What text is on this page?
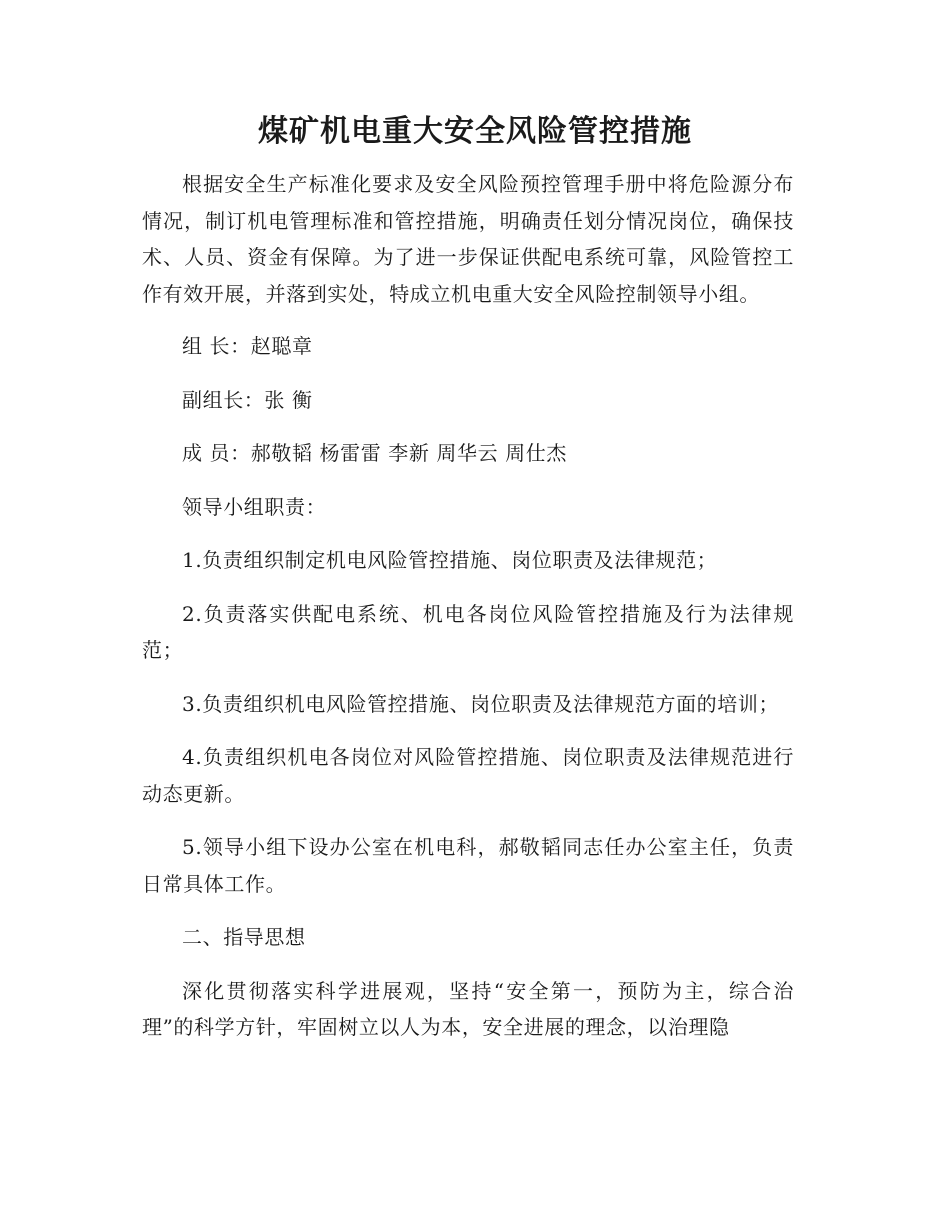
煤矿机电重大安全风险管控措施

根据安全生产标准化要求及安全风险预控管理手册中将危险源分布情况，制订机电管理标准和管控措施，明确责任划分情况岗位，确保技术、人员、资金有保障。为了进一步保证供配电系统可靠，风险管控工作有效开展，并落到实处，特成立机电重大安全风险控制领导小组。

组 长：赵聪章

副组长：张 衡

成 员：郝敬韬 杨雷雷 李新 周华云 周仕杰

领导小组职责：

1.负责组织制定机电风险管控措施、岗位职责及法律规范；

2.负责落实供配电系统、机电各岗位风险管控措施及行为法律规范；

3.负责组织机电风险管控措施、岗位职责及法律规范方面的培训；

4.负责组织机电各岗位对风险管控措施、岗位职责及法律规范进行动态更新。

5.领导小组下设办公室在机电科，郝敬韬同志任办公室主任，负责日常具体工作。

二、指导思想

深化贯彻落实科学进展观，坚持“安全第一，预防为主，综合治理”的科学方针，牢固树立以人为本，安全进展的理念，以治理隐
